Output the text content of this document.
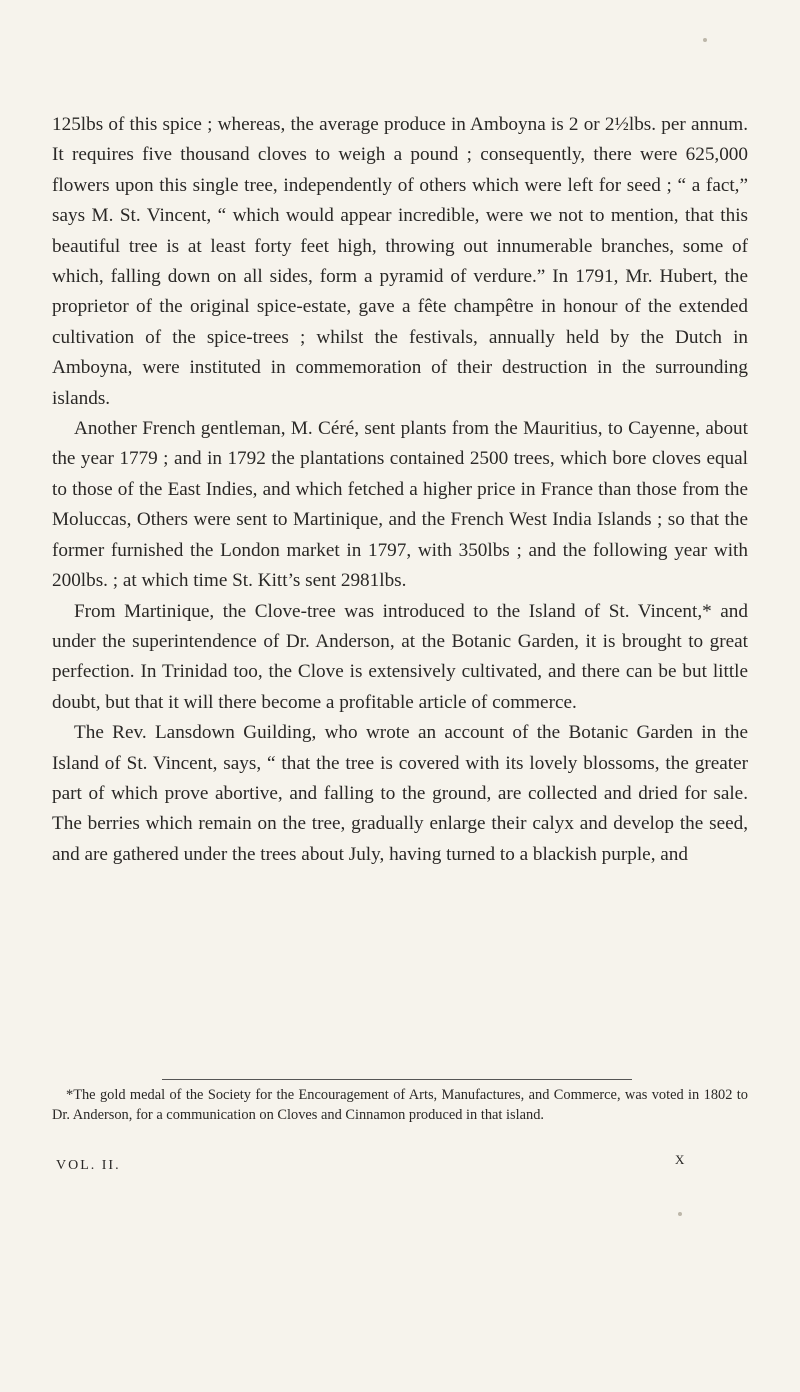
125lbs of this spice ; whereas, the average produce in Amboyna is 2 or 2½lbs. per annum. It requires five thousand cloves to weigh a pound ; consequently, there were 625,000 flowers upon this single tree, independently of others which were left for seed ; “ a fact,” says M. St. Vincent, “ which would appear incredible, were we not to mention, that this beautiful tree is at least forty feet high, throwing out innumerable branches, some of which, falling down on all sides, form a pyramid of verdure.” In 1791, Mr. Hubert, the proprietor of the original spice-estate, gave a fête champêtre in honour of the extended cultivation of the spice-trees ; whilst the festivals, annually held by the Dutch in Amboyna, were instituted in commemoration of their destruction in the surrounding islands.

Another French gentleman, M. Céré, sent plants from the Mauritius, to Cayenne, about the year 1779 ; and in 1792 the plantations contained 2500 trees, which bore cloves equal to those of the East Indies, and which fetched a higher price in France than those from the Moluccas, Others were sent to Martinique, and the French West India Islands ; so that the former furnished the London market in 1797, with 350lbs ; and the following year with 200lbs. ; at which time St. Kitt’s sent 2981lbs.

From Martinique, the Clove-tree was introduced to the Island of St. Vincent,* and under the superintendence of Dr. Anderson, at the Botanic Garden, it is brought to great perfection. In Trinidad too, the Clove is extensively cultivated, and there can be but little doubt, but that it will there become a profitable article of commerce.

The Rev. Lansdown Guilding, who wrote an account of the Botanic Garden in the Island of St. Vincent, says, “ that the tree is covered with its lovely blossoms, the greater part of which prove abortive, and falling to the ground, are collected and dried for sale. The berries which remain on the tree, gradually enlarge their calyx and develop the seed, and are gathered under the trees about July, having turned to a blackish purple, and

*The gold medal of the Society for the Encouragement of Arts, Manufactures, and Commerce, was voted in 1802 to Dr. Anderson, for a communication on Cloves and Cinnamon produced in that island.

VOL. II.	X
